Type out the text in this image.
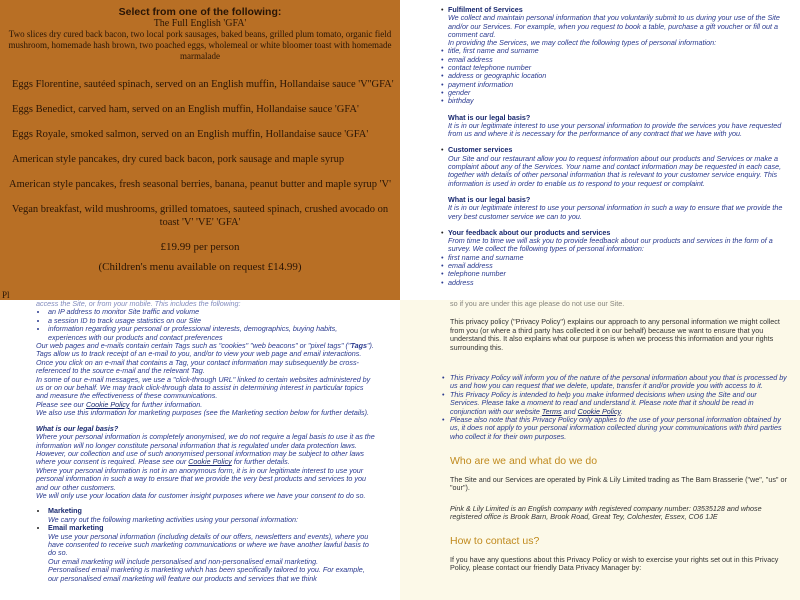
Select from one of the following:

The Full English 'GFA'

Two slices dry cured back bacon, two local pork sausages, baked beans, grilled plum tomato, organic field mushroom, homemade hash brown, two poached eggs, wholemeal or white bloomer toast with homemade marmalade

Eggs Florentine, sautéed spinach, served on an English muffin, Hollandaise sauce 'V''GFA'

Eggs Benedict, carved ham, served on an English muffin, Hollandaise sauce 'GFA'

Eggs Royale, smoked salmon, served on an English muffin, Hollandaise sauce 'GFA'

American style pancakes, dry cured back bacon, pork sausage and maple syrup

American style pancakes, fresh seasonal berries, banana, peanut butter and maple syrup 'V'

Vegan breakfast, wild mushrooms, grilled tomatoes, sauteed spinach, crushed avocado on toast 'V' 'VE' 'GFA'

£19.99 per person

(Children's menu available on request £14.99)

Pl
• Fulfilment of Services

We collect and maintain personal information that you voluntarily submit to us during your use of the Site and/or our Services. For example, when you request to book a table, purchase a gift voucher or fill out a comment card.

In providing the Services, we may collect the following types of personal information:

• title, first name and surname
• email address
• contact telephone number
• address or geographic location
• payment information
• gender
• birthday

What is our legal basis?

It is in our legitimate interest to use your personal information to provide the services you have requested from us and where it is necessary for the performance of any contract that we have with you.

• Customer services

Our Site and our restaurant allow you to request information about our products and Services or make a complaint about any of the Services. Your name and contact information may be requested in each case, together with details of other personal information that is relevant to your customer service enquiry. This information is used in order to enable us to respond to your request or complaint.

What is our legal basis?

It is in our legitimate interest to use your personal information in such a way to ensure that we provide the very best customer service we can to you.

• Your feedback about our products and services

From time to time we will ask you to provide feedback about our products and services in the form of a survey. We collect the following types of personal information:

• first name and surname
• email address
• telephone number
• address

access the Site, or from your mobile. This includes the following:

• an IP address to monitor Site traffic and volume
• a session ID to track usage statistics on our Site
• information regarding your personal or professional interests, demographics, buying habits, experiences with our products and contact preferences

Our web pages and e-mails contain certain Tags such as "cookies" "web beacons" or "pixel tags" ("Tags"). Tags allow us to track receipt of an e-mail to you, and/or to view your web page and email interactions. Once you click on an e-mail that contains a Tag, your contact information may subsequently be cross-referenced to the source e-mail and the relevant Tag.

In some of our e-mail messages, we use a "click-through URL" linked to certain websites administered by us or on our behalf. We may track click-through data to assist in determining interest in particular topics and measure the effectiveness of these communications.

Please see our Cookie Policy for further information.

We also use this information for marketing purposes (see the Marketing section below for further details).

What is our legal basis?

Where your personal information is completely anonymised, we do not require a legal basis to use it as the information will no longer constitute personal information that is regulated under data protection laws. However, our collection and use of such anonymised personal information may be subject to other laws where your consent is required. Please see our Cookie Policy for further details.

Where your personal information is not in an anonymous form, it is in our legitimate interest to use your personal information in such a way to ensure that we provide the very best products and services to you and our other customers.

We will only use your location data for customer insight purposes where we have your consent to do so.

• Marketing

We carry out the following marketing activities using your personal information:

• Email marketing

We use your personal information (including details of our offers, newsletters and events), where you have consented to receive such marketing communications or where we have another lawful basis to do so.

Our email marketing will include personalised and non-personalised email marketing.

Personalised email marketing is marketing which has been specifically tailored to you. For example, our personalised email marketing will feature our products and services that we think

so if you are under this age please do not use our Site.

This privacy policy ("Privacy Policy") explains our approach to any personal information we might collect from you (or where a third party has collected it on our behalf) because we want to ensure that you understand this. It also explains what our purpose is when we process this information and your rights surrounding this.

• This Privacy Policy will inform you of the nature of the personal information about you that is processed by us and how you can request that we delete, update, transfer it and/or provide you with access to it.
• This Privacy Policy is intended to help you make informed decisions when using the Site and our Services. Please take a moment to read and understand it. Please note that it should be read in conjunction with our website Terms and Cookie Policy.
• Please also note that this Privacy Policy only applies to the use of your personal information obtained by us, it does not apply to your personal information collected during your communications with third parties who collect it for their own purposes.

Who are we and what do we do

The Site and our Services are operated by Pink & Lily Limited trading as The Barn Brasserie ("we", "us" or "our").

Pink & Lily Limited is an English company with registered company number: 03535128 and whose registered office is Brook Barn, Brook Road, Great Tey, Colchester, Essex, CO6 1JE

How to contact us?

If you have any questions about this Privacy Policy or wish to exercise your rights set out in this Privacy Policy, please contact our friendly Data Privacy Manager by:
